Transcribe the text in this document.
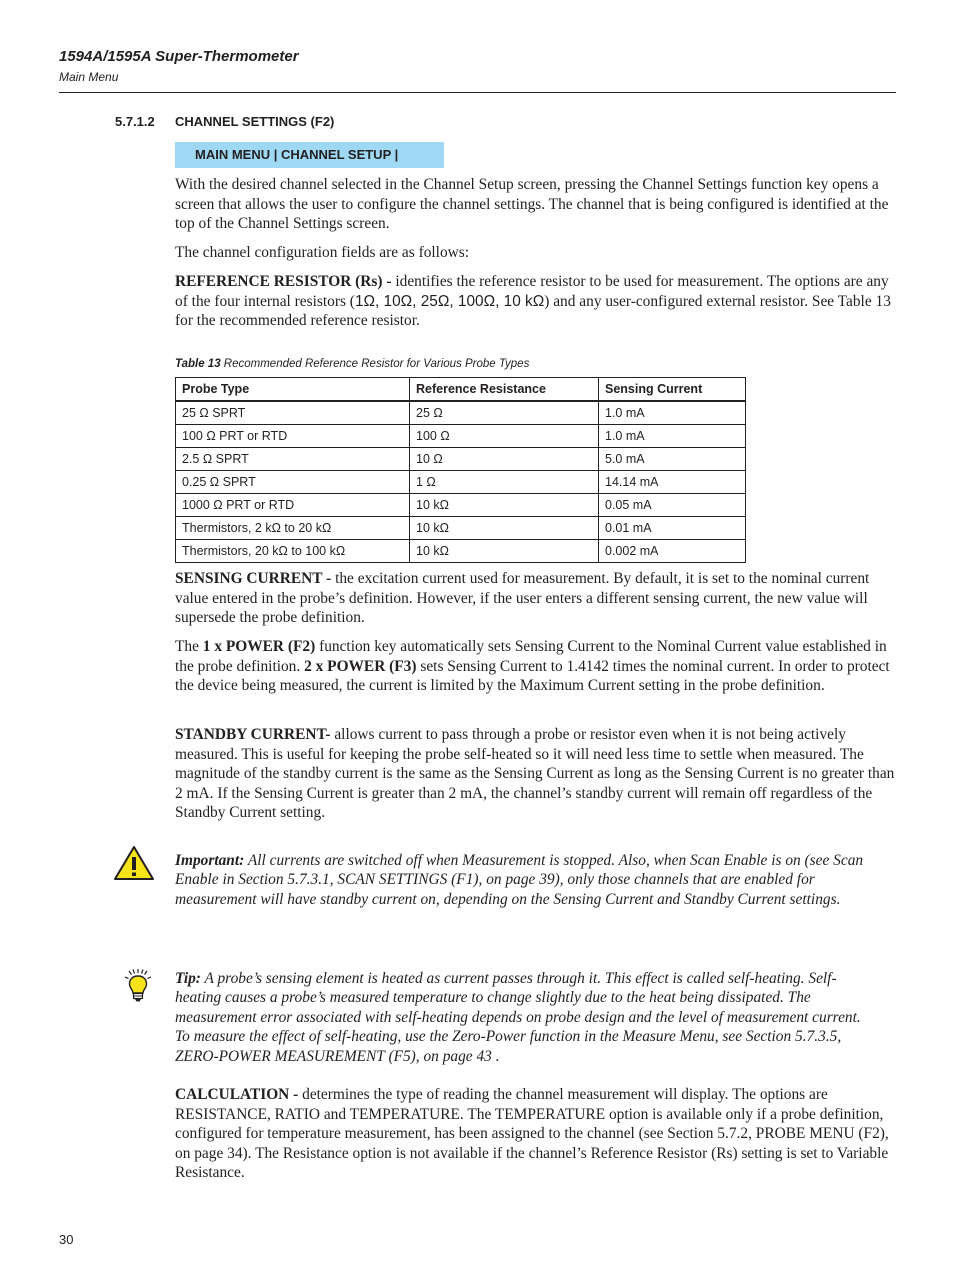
1594A/1595A Super-Thermometer
Main Menu
5.7.1.2 CHANNEL SETTINGS (F2)
MAIN MENU | CHANNEL SETUP |
With the desired channel selected in the Channel Setup screen, pressing the Channel Settings function key opens a screen that allows the user to configure the channel settings. The channel that is being configured is identified at the top of the Channel Settings screen.
The channel configuration fields are as follows:
REFERENCE RESISTOR (Rs) - identifies the reference resistor to be used for measurement. The options are any of the four internal resistors (1Ω, 10Ω, 25Ω, 100Ω, 10 kΩ) and any user-configured external resistor. See Table 13 for the recommended reference resistor.
Table 13 Recommended Reference Resistor for Various Probe Types
Probe Type	Reference Resistance	Sensing Current
25 Ω SPRT	25 Ω	1.0 mA
100 Ω PRT or RTD	100 Ω	1.0 mA
2.5 Ω SPRT	10 Ω	5.0 mA
0.25 Ω SPRT	1 Ω	14.14 mA
1000 Ω PRT or RTD	10 kΩ	0.05 mA
Thermistors, 2 kΩ to 20 kΩ	10 kΩ	0.01 mA
Thermistors, 20 kΩ to 100 kΩ	10 kΩ	0.002 mA
SENSING CURRENT - the excitation current used for measurement. By default, it is set to the nominal current value entered in the probe’s definition. However, if the user enters a different sensing current, the new value will supersede the probe definition.
The 1 x POWER (F2) function key automatically sets Sensing Current to the Nominal Current value established in the probe definition. 2 x POWER (F3) sets Sensing Current to 1.4142 times the nominal current. In order to protect the device being measured, the current is limited by the Maximum Current setting in the probe definition.
STANDBY CURRENT- allows current to pass through a probe or resistor even when it is not being actively measured. This is useful for keeping the probe self-heated so it will need less time to settle when measured. The magnitude of the standby current is the same as the Sensing Current as long as the Sensing Current is no greater than 2 mA. If the Sensing Current is greater than 2 mA, the channel’s standby current will remain off regardless of the Standby Current setting.
Important: All currents are switched off when Measurement is stopped. Also, when Scan Enable is on (see Scan Enable in Section 5.7.3.1, SCAN SETTINGS (F1), on page 39), only those channels that are enabled for measurement will have standby current on, depending on the Sensing Current and Standby Current settings.
Tip: A probe’s sensing element is heated as current passes through it. This effect is called self-heating. Self-heating causes a probe’s measured temperature to change slightly due to the heat being dissipated. The measurement error associated with self-heating depends on probe design and the level of measurement current. To measure the effect of self-heating, use the Zero-Power function in the Measure Menu, see Section 5.7.3.5, ZERO-POWER MEASUREMENT (F5), on page 43 .
CALCULATION - determines the type of reading the channel measurement will display. The options are RESISTANCE, RATIO and TEMPERATURE. The TEMPERATURE option is available only if a probe definition, configured for temperature measurement, has been assigned to the channel (see Section 5.7.2, PROBE MENU (F2), on page 34). The Resistance option is not available if the channel’s Reference Resistor (Rs) setting is set to Variable Resistance.
30
